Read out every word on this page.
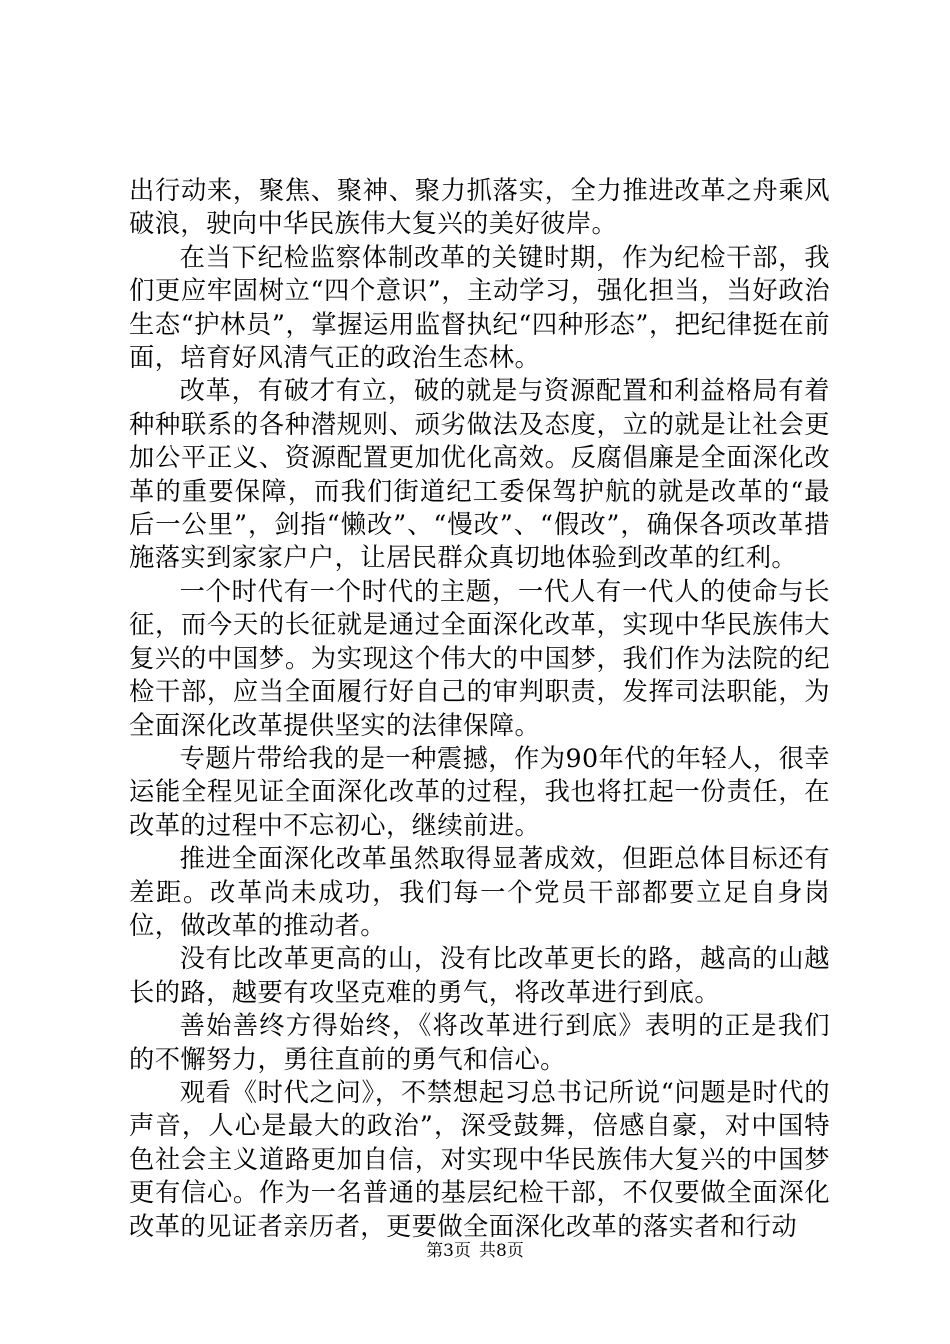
出行动来，聚焦、聚神、聚力抓落实，全力推进改革之舟乘风破浪，驶向中华民族伟大复兴的美好彼岸。

在当下纪检监察体制改革的关键时期，作为纪检干部，我们更应牢固树立“四个意识”，主动学习，强化担当，当好政治生态“护林员”，掌握运用监督执纪“四种形态”，把纪律挺在前面，培育好风清气正的政治生态林。

改革，有破才有立，破的就是与资源配置和利益格局有着种种联系的各种潜规则、顽劣做法及态度，立的就是让社会更加公平正义、资源配置更加优化高效。反腐倡廉是全面深化改革的重要保障，而我们街道纪工委保驾护航的就是改革的“最后一公里”，剑指“懒改”、“慢改”、“假改”，确保各项改革措施落实到家家户户，让居民群众真切地体验到改革的红利。

一个时代有一个时代的主题，一代人有一代人的使命与长征，而今天的长征就是通过全面深化改革，实现中华民族伟大复兴的中国梦。为实现这个伟大的中国梦，我们作为法院的纪检干部，应当全面履行好自己的审判职责，发挥司法职能，为全面深化改革提供坚实的法律保障。

专题片带给我的是一种震撼，作为90年代的年轻人，很幸运能全程见证全面深化改革的过程，我也将扛起一份责任，在改革的过程中不忘初心，继续前进。

推进全面深化改革虽然取得显著成效，但距总体目标还有差距。改革尚未成功，我们每一个党员干部都要立足自身岗位，做改革的推动者。

没有比改革更高的山，没有比改革更长的路，越高的山越长的路，越要有攻坚克难的勇气，将改革进行到底。

善始善终方得始终，《将改革进行到底》表明的正是我们的不懈努力，勇往直前的勇气和信心。

观看《时代之问》，不禁想起习总书记所说“问题是时代的声音，人心是最大的政治”，深受鼓舞，倍感自豪，对中国特色社会主义道路更加自信，对实现中华民族伟大复兴的中国梦更有信心。作为一名普通的基层纪检干部，不仅要做全面深化改革的见证者亲历者，更要做全面深化改革的落实者和行动

第3页 共8页
